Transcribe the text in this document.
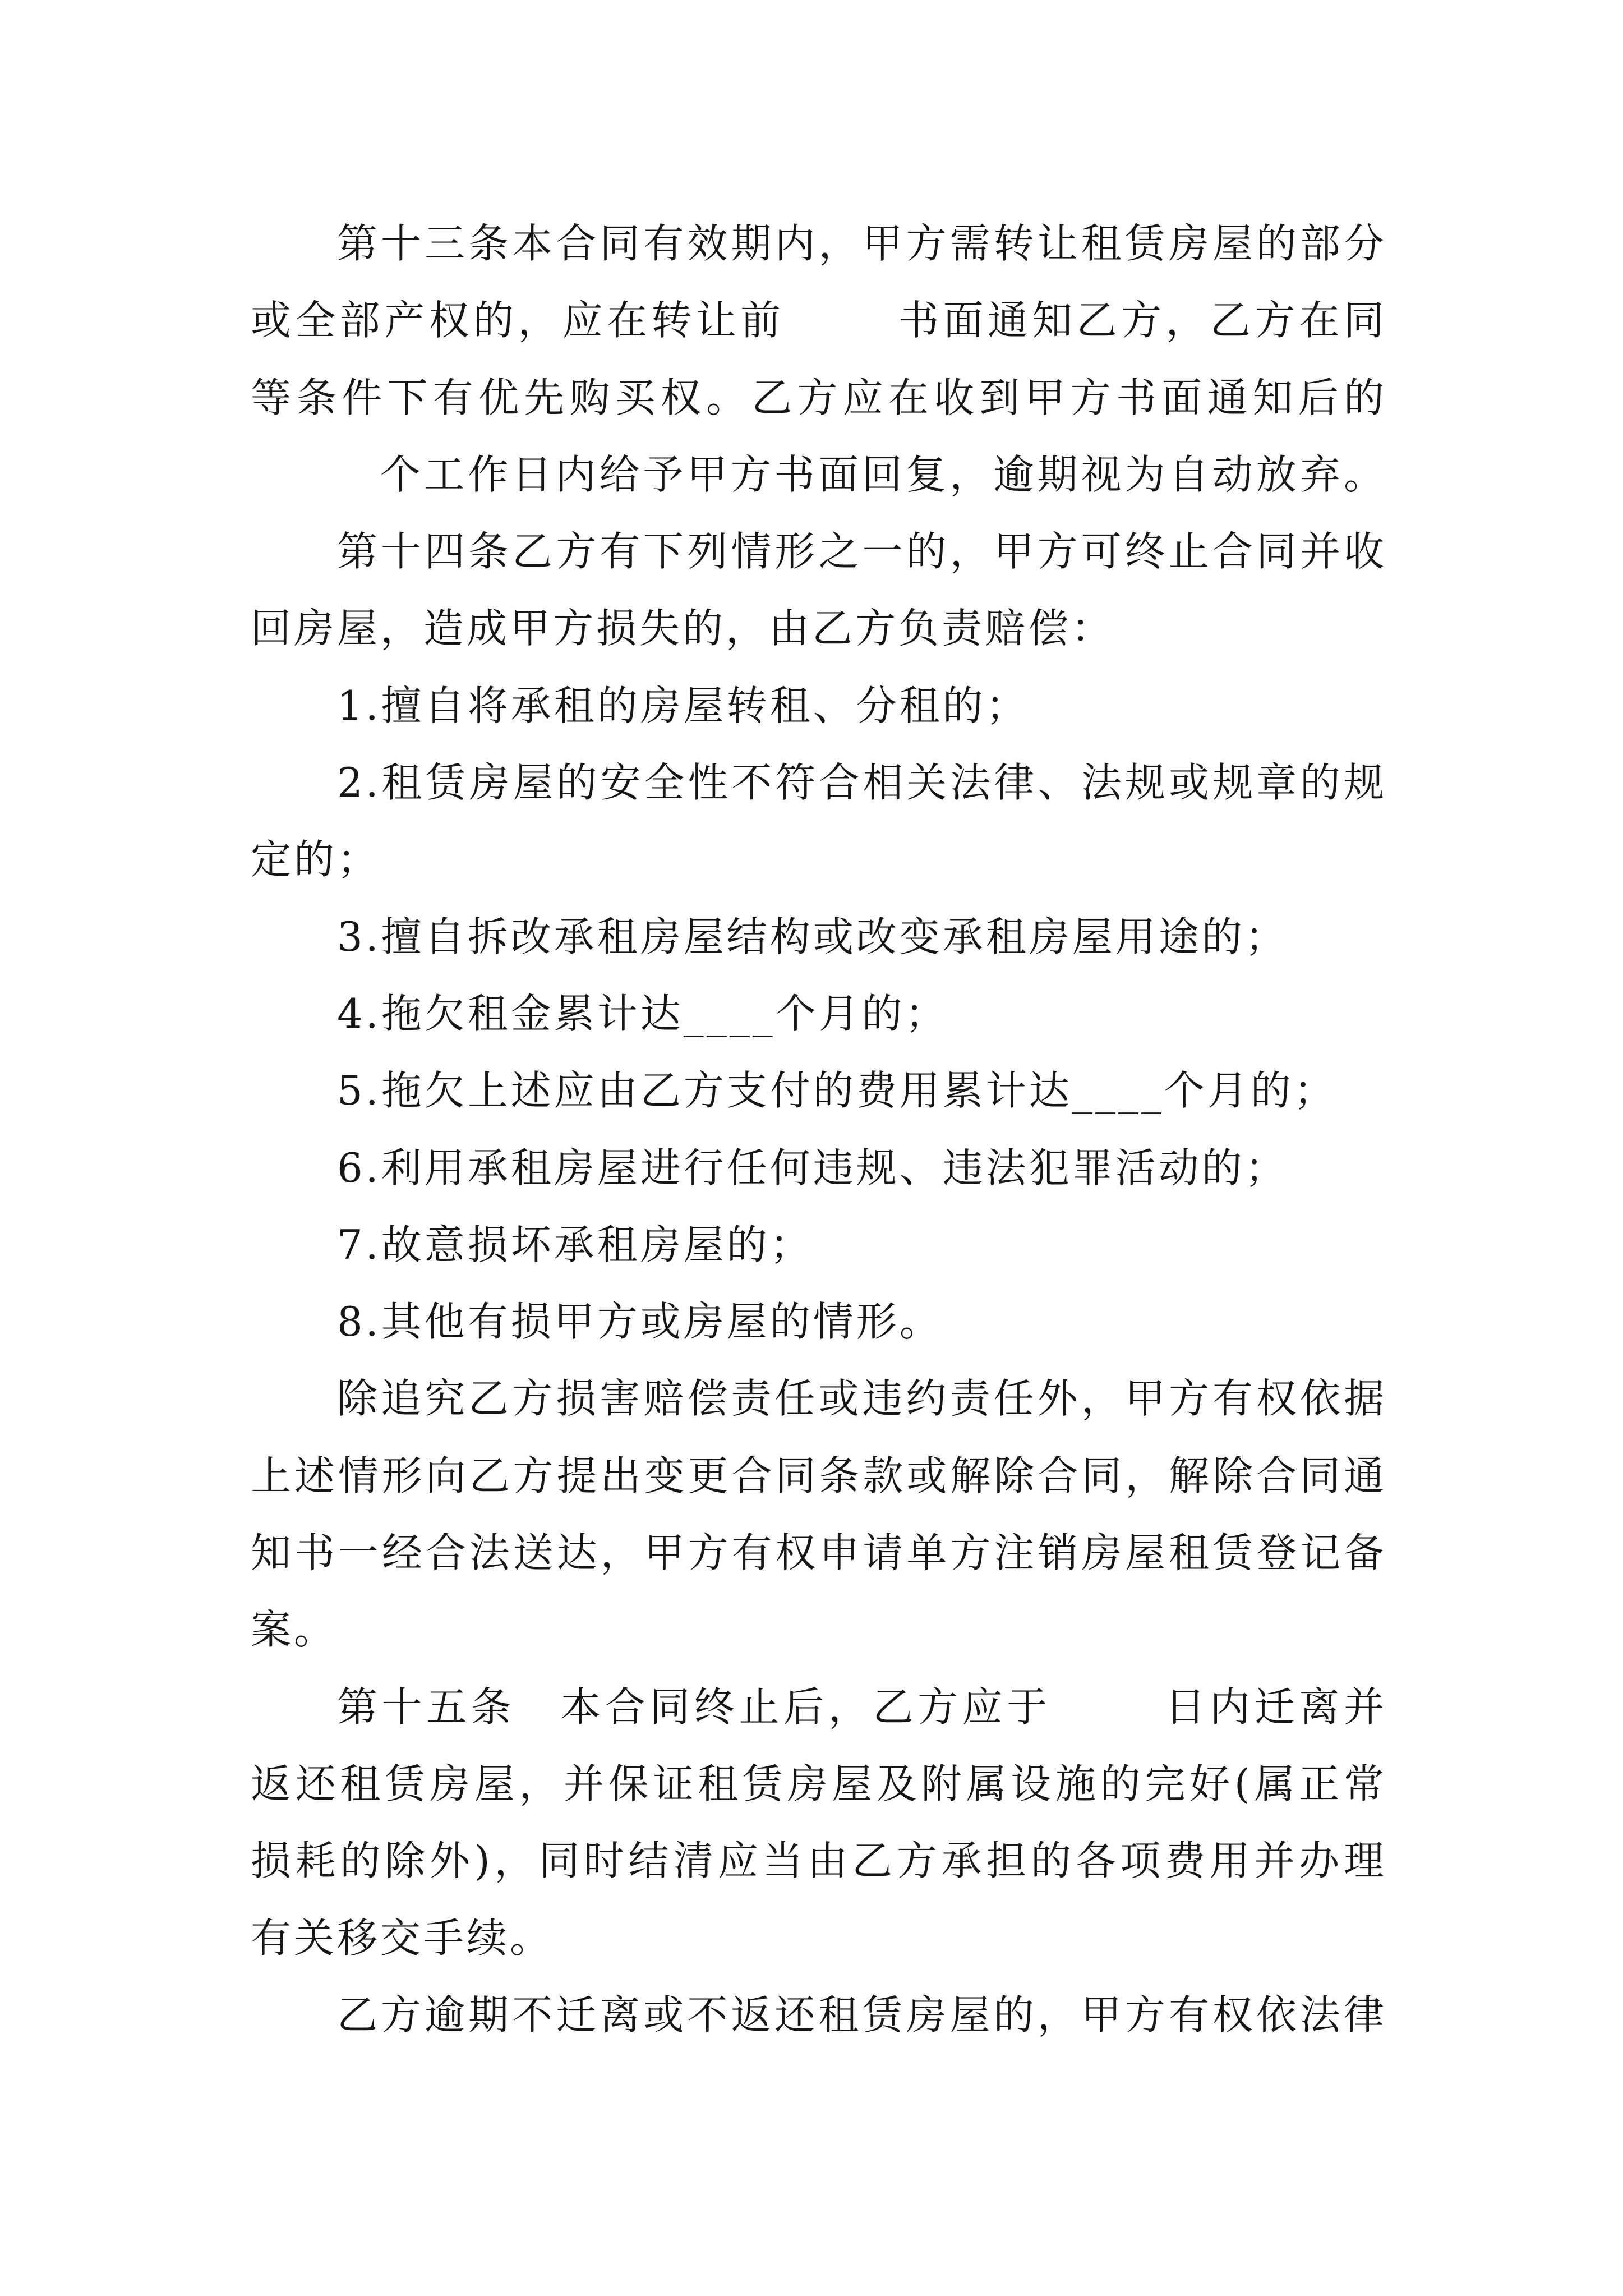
第十三条本合同有效期内，甲方需转让租赁房屋的部分
或全部产权的，应在转让前	书面通知乙方，乙方在同
等条件下有优先购买权。乙方应在收到甲方书面通知后的
个工作日内给予甲方书面回复，逾期视为自动放弃。
第十四条乙方有下列情形之一的，甲方可终止合同并收
回房屋，造成甲方损失的，由乙方负责赔偿：
1.擅自将承租的房屋转租、分租的；
2.租赁房屋的安全性不符合相关法律、法规或规章的规
定的；
3.擅自拆改承租房屋结构或改变承租房屋用途的；
4.拖欠租金累计达____个月的；
5.拖欠上述应由乙方支付的费用累计达____个月的；
6.利用承租房屋进行任何违规、违法犯罪活动的；
7.故意损坏承租房屋的；
8.其他有损甲方或房屋的情形。
除追究乙方损害赔偿责任或违约责任外，甲方有权依据
上述情形向乙方提出变更合同条款或解除合同，解除合同通
知书一经合法送达，甲方有权申请单方注销房屋租赁登记备
案。
第十五条 本合同终止后，乙方应于	日内迁离并
返还租赁房屋，并保证租赁房屋及附属设施的完好(属正常
损耗的除外)，同时结清应当由乙方承担的各项费用并办理
有关移交手续。
乙方逾期不迁离或不返还租赁房屋的，甲方有权依法律
